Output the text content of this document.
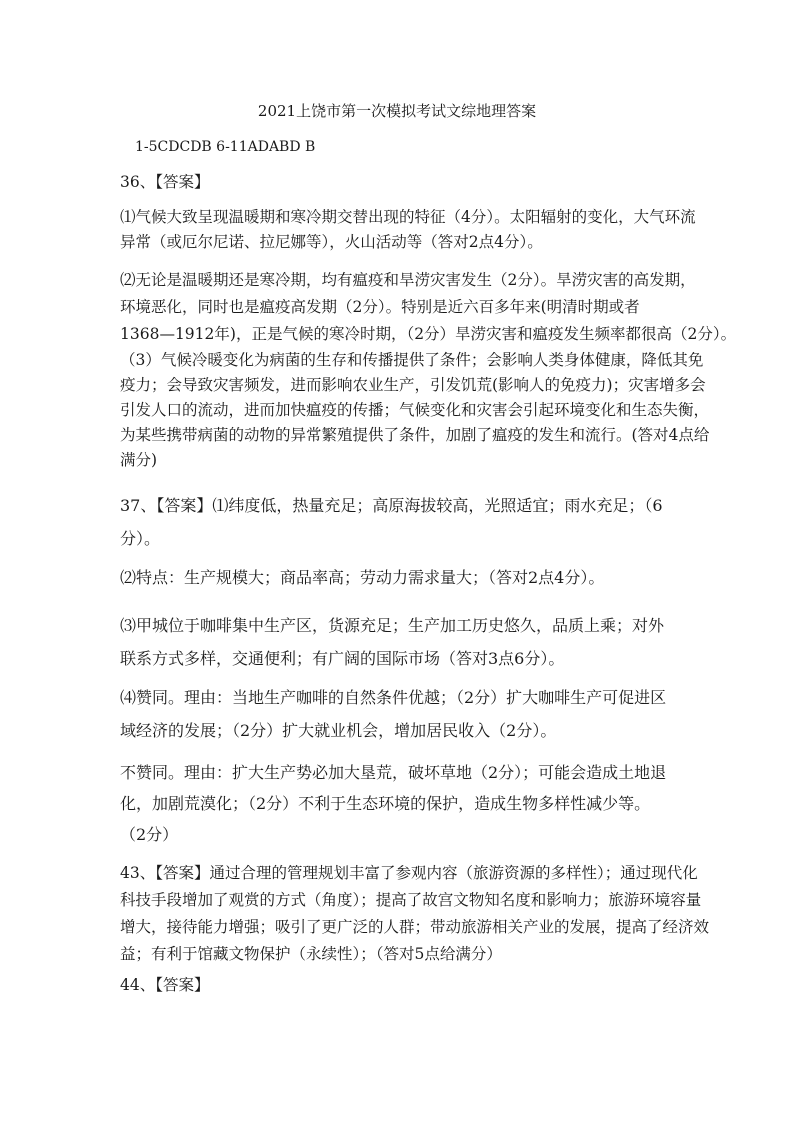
2021上饶市第一次模拟考试文综地理答案

1-5CDCDB 6-11ADABD B

36、【答案】

⑴气候大致呈现温暖期和寒冷期交替出现的特征（4分）。太阳辐射的变化，大气环流
异常（或厄尔尼诺、拉尼娜等），火山活动等（答对2点4分）。

⑵无论是温暖期还是寒冷期，均有瘟疫和旱涝灾害发生（2分）。旱涝灾害的高发期，
环境恶化，同时也是瘟疫高发期（2分）。特别是近六百多年来(明清时期或者
1368—1912年)，正是气候的寒冷时期，（2分）旱涝灾害和瘟疫发生频率都很高（2分）。

（3）气候冷暖变化为病菌的生存和传播提供了条件；会影响人类身体健康，降低其免
疫力；会导致灾害频发，进而影响农业生产，引发饥荒(影响人的免疫力)；灾害增多会
引发人口的流动，进而加快瘟疫的传播；气候变化和灾害会引起环境变化和生态失衡，
为某些携带病菌的动物的异常繁殖提供了条件，加剧了瘟疫的发生和流行。(答对4点给
满分)

37、【答案】⑴纬度低，热量充足；高原海拔较高，光照适宜；雨水充足；（6
分）。

⑵特点：生产规模大；商品率高；劳动力需求量大；（答对2点4分）。

⑶甲城位于咖啡集中生产区，货源充足；生产加工历史悠久，品质上乘；对外
联系方式多样，交通便利；有广阔的国际市场（答对3点6分）。

⑷赞同。理由：当地生产咖啡的自然条件优越；（2分）扩大咖啡生产可促进区
域经济的发展；（2分）扩大就业机会，增加居民收入（2分）。

不赞同。理由：扩大生产势必加大垦荒，破坏草地（2分）；可能会造成土地退
化，加剧荒漠化；（2分）不利于生态环境的保护，造成生物多样性减少等。
（2分）

43、【答案】通过合理的管理规划丰富了参观内容（旅游资源的多样性）；通过现代化
科技手段增加了观赏的方式（角度）；提高了故宫文物知名度和影响力；旅游环境容量
增大，接待能力增强；吸引了更广泛的人群；带动旅游相关产业的发展，提高了经济效
益；有利于馆藏文物保护（永续性）；（答对5点给满分）

44、【答案】
